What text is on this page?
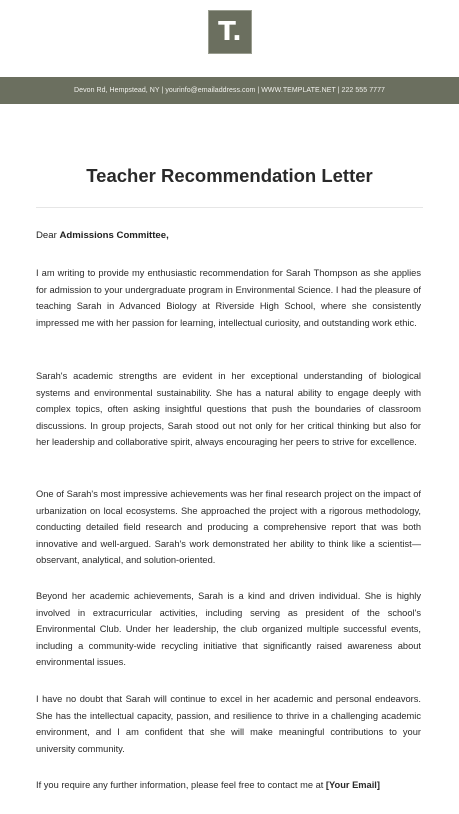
T.
Devon Rd, Hempstead, NY | yourinfo@emailaddress.com | WWW.TEMPLATE.NET | 222 555 7777
Teacher Recommendation Letter

Dear Admissions Committee,

I am writing to provide my enthusiastic recommendation for Sarah Thompson as she applies for admission to your undergraduate program in Environmental Science. I had the pleasure of teaching Sarah in Advanced Biology at Riverside High School, where she consistently impressed me with her passion for learning, intellectual curiosity, and outstanding work ethic.

Sarah's academic strengths are evident in her exceptional understanding of biological systems and environmental sustainability. She has a natural ability to engage deeply with complex topics, often asking insightful questions that push the boundaries of classroom discussions. In group projects, Sarah stood out not only for her critical thinking but also for her leadership and collaborative spirit, always encouraging her peers to strive for excellence.

One of Sarah's most impressive achievements was her final research project on the impact of urbanization on local ecosystems. She approached the project with a rigorous methodology, conducting detailed field research and producing a comprehensive report that was both innovative and well-argued. Sarah's work demonstrated her ability to think like a scientist—observant, analytical, and solution-oriented.

Beyond her academic achievements, Sarah is a kind and driven individual. She is highly involved in extracurricular activities, including serving as president of the school's Environmental Club. Under her leadership, the club organized multiple successful events, including a community-wide recycling initiative that significantly raised awareness about environmental issues.

I have no doubt that Sarah will continue to excel in her academic and personal endeavors. She has the intellectual capacity, passion, and resilience to thrive in a challenging academic environment, and I am confident that she will make meaningful contributions to your university community.

If you require any further information, please feel free to contact me at [Your Email]
